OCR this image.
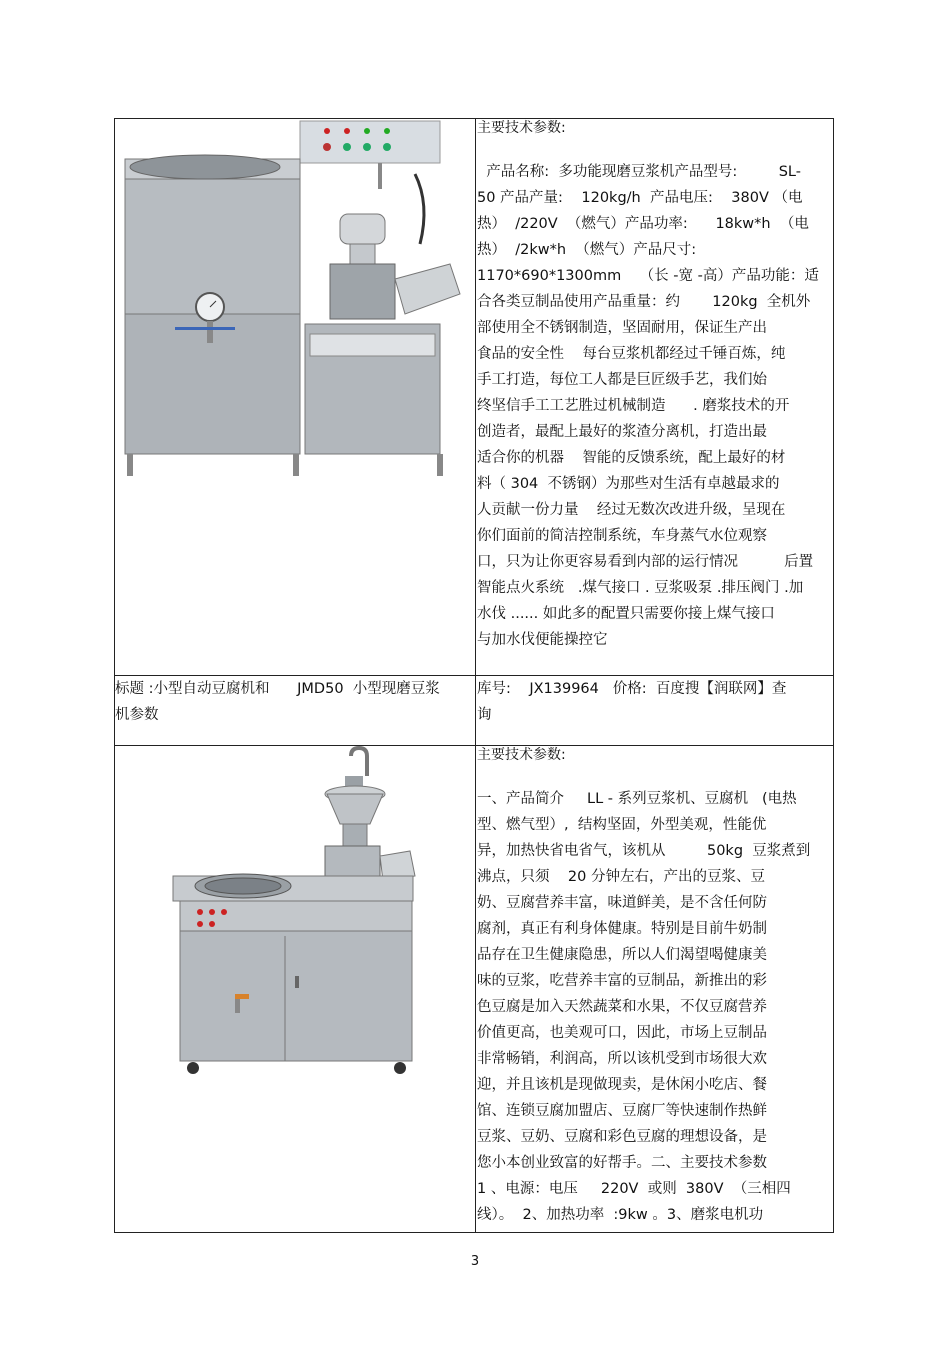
主要技术参数:
产品名称:  多功能现磨豆浆机产品型号:         SL-
50 产品产量:    120kg/h  产品电压:    380V （电
热）  /220V  （燃气）产品功率:      18kw*h  （电
热）  /2kw*h  （燃气）产品尺寸:
1170*690*1300mm    （长 -宽 -高）产品功能：适
合各类豆制品使用产品重量：约       120kg  全机外
部使用全不锈钢制造，坚固耐用，保证生产出
食品的安全性    每台豆浆机都经过千锤百炼，纯
手工打造，每位工人都是巨匠级手艺，我们始
终坚信手工工艺胜过机械制造      . 磨浆技术的开
创造者，最配上最好的浆渣分离机，打造出最
适合你的机器    智能的反馈系统，配上最好的材
料（ 304  不锈钢）为那些对生活有卓越最求的
人贡献一份力量    经过无数次改进升级，呈现在
你们面前的简洁控制系统，车身蒸气水位观察
口，只为让你更容易看到内部的运行情况          后置
智能点火系统   .煤气接口 . 豆浆吸泵 .排压阀门 .加
水伐 ...... 如此多的配置只需要你接上煤气接口
与加水伐便能操控它
标题 :小型自动豆腐机和      JMD50  小型现磨豆浆
机参数
库号:    JX139964   价格:  百度搜【润联网】查
询
主要技术参数:
一、产品简介     LL - 系列豆浆机、豆腐机   (电热
型、燃气型）,  结构坚固，外型美观，性能优
异，加热快省电省气，该机从         50kg  豆浆煮到
沸点，只须    20 分钟左右，产出的豆浆、豆
奶、豆腐营养丰富，味道鲜美，是不含任何防
腐剂，真正有利身体健康。特别是目前牛奶制
品存在卫生健康隐患，所以人们渴望喝健康美
味的豆浆，吃营养丰富的豆制品，新推出的彩
色豆腐是加入天然蔬菜和水果，不仅豆腐营养
价值更高，也美观可口，因此，市场上豆制品
非常畅销，利润高，所以该机受到市场很大欢
迎，并且该机是现做现卖，是休闲小吃店、餐
馆、连锁豆腐加盟店、豆腐厂等快速制作热鲜
豆浆、豆奶、豆腐和彩色豆腐的理想设备，是
您小本创业致富的好帮手。二、主要技术参数
1 、电源：电压     220V  或则  380V  （三相四
线）。  2、加热功率  :9kw 。3、磨浆电机功
3
